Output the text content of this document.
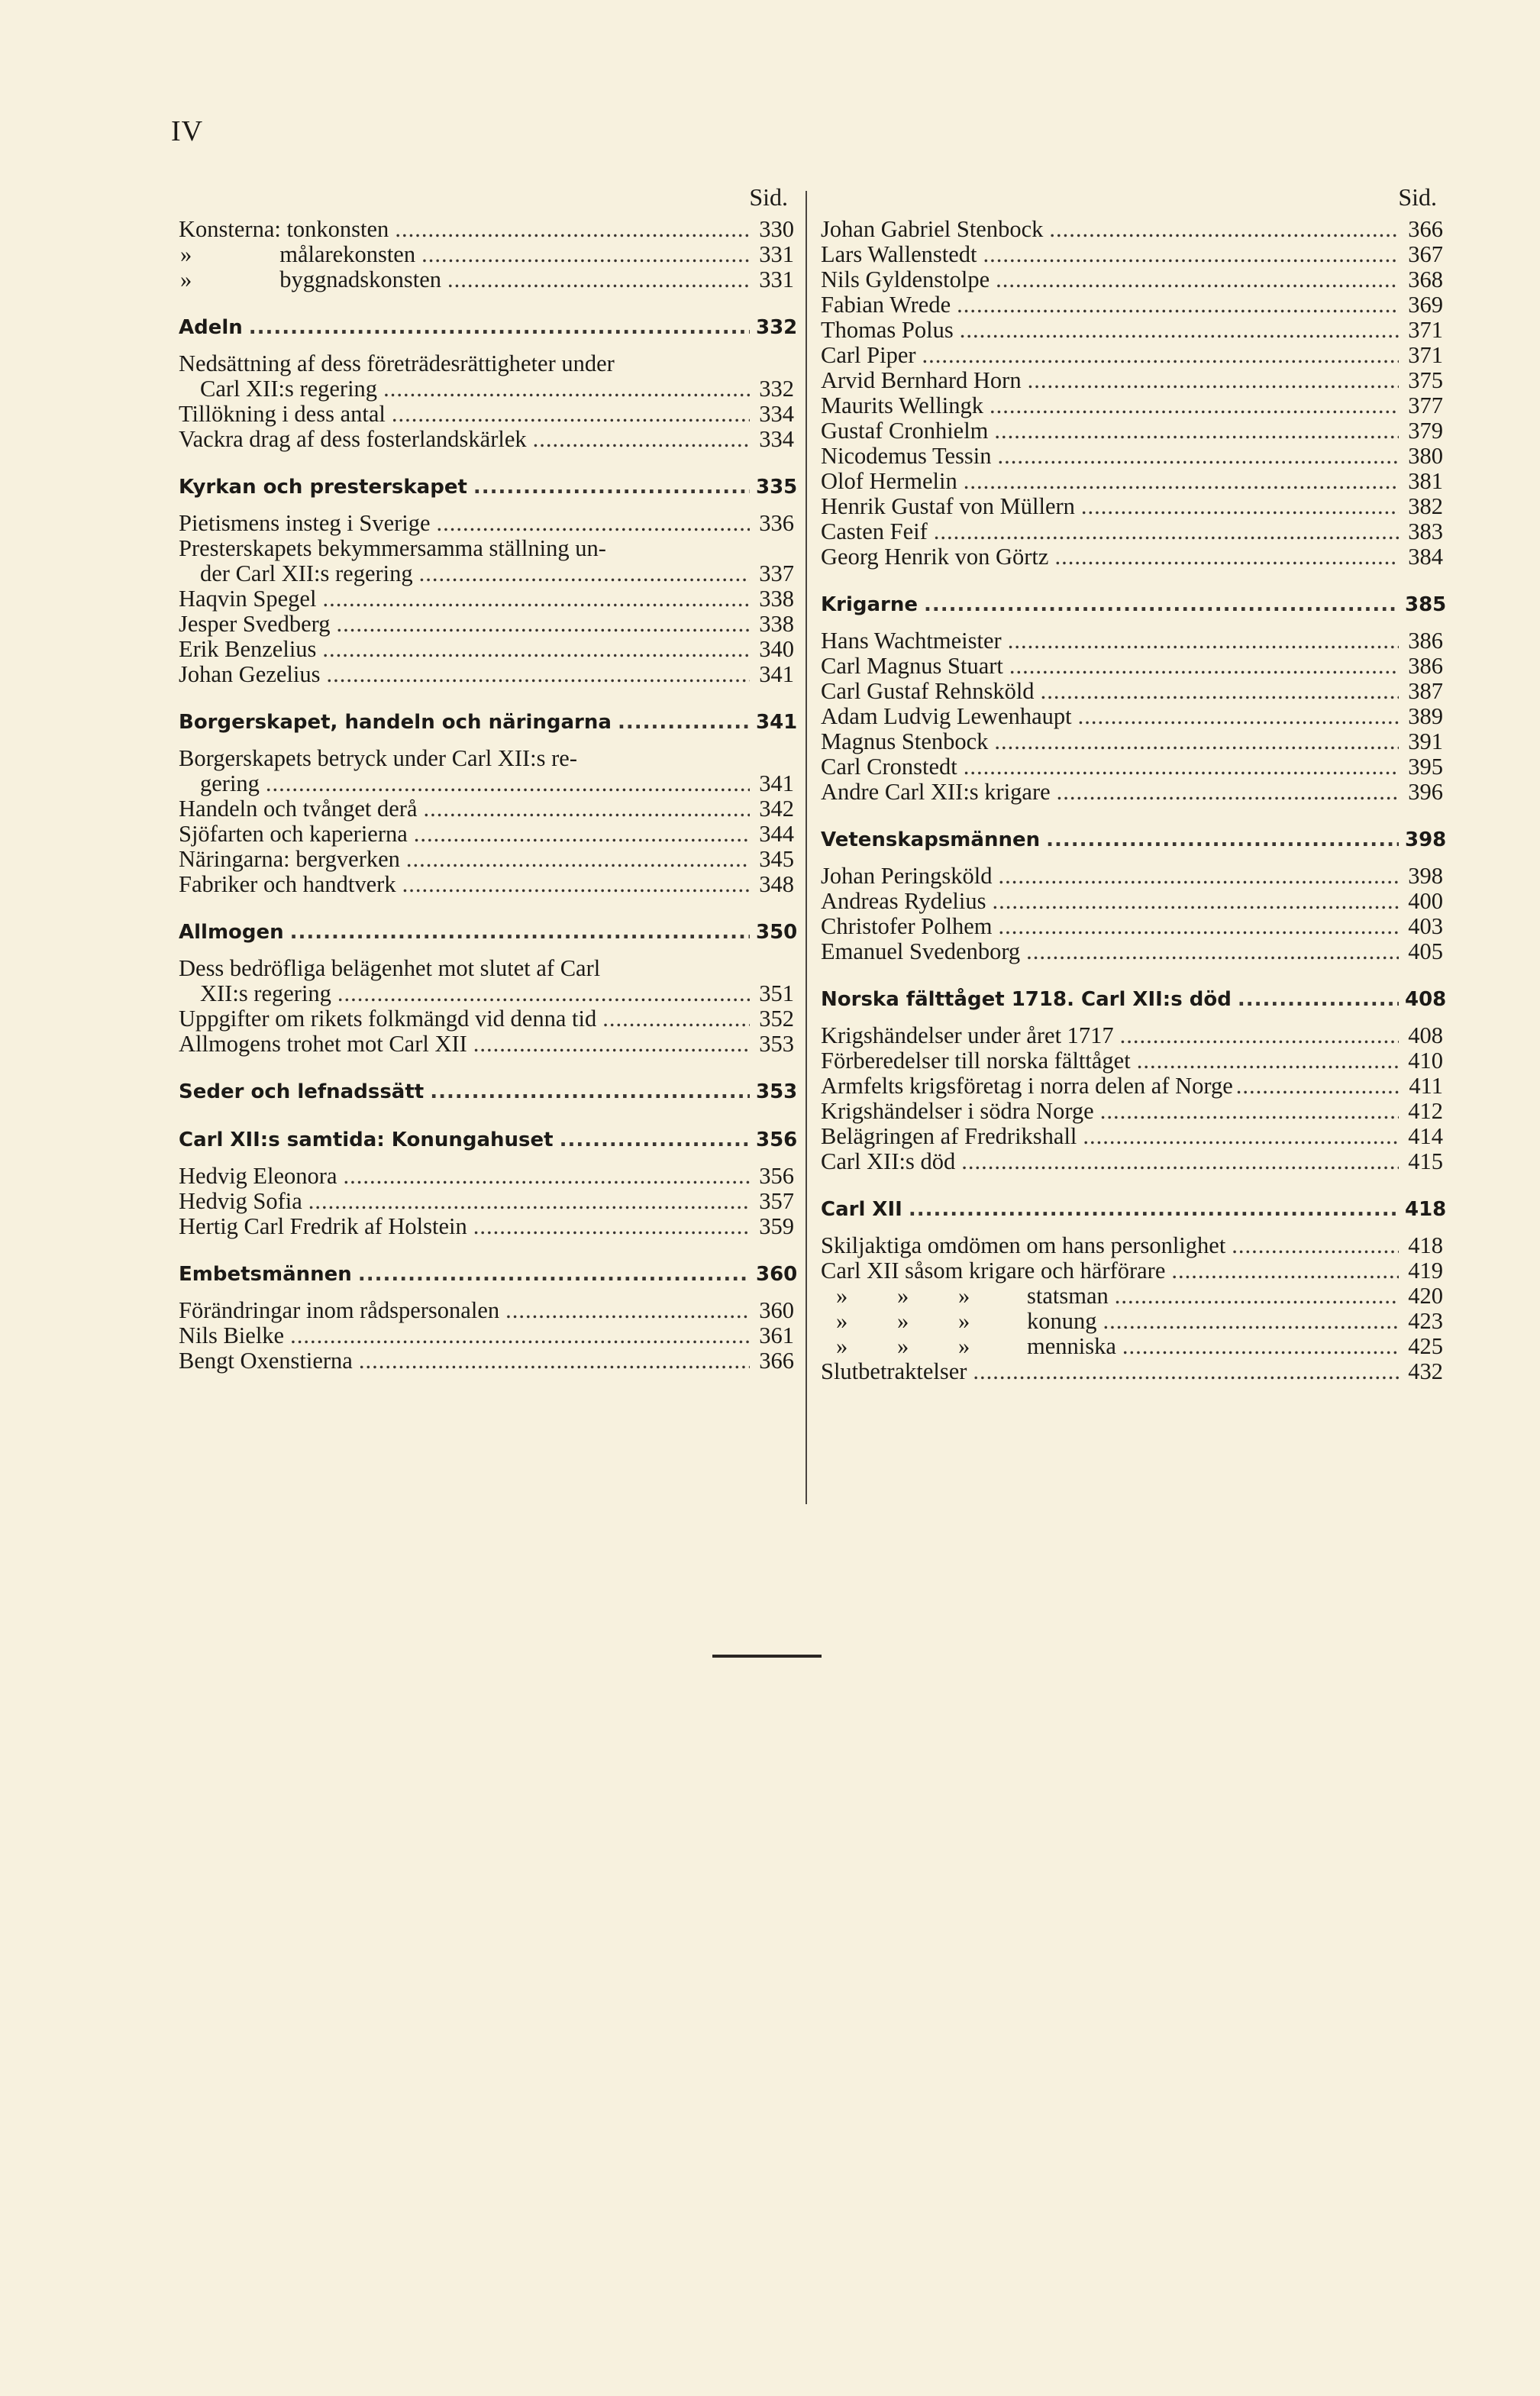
IV
Sid.
Konsterna: tonkonsten .....	330
»	målarekonsten .....	331
»	byggnadskonsten .....	331
Adeln .....	332
Nedsättning af dess företrädesrättigheter under
Carl XII:s regering .....	332
Tillökning i dess antal .....	334
Vackra drag af dess fosterlandskärlek .....	334
Kyrkan och presterskapet .....	335
Pietismens insteg i Sverige .....	336
Presterskapets bekymmersamma ställning un-
der Carl XII:s regering .....	337
Haqvin Spegel .....	338
Jesper Svedberg .....	338
Erik Benzelius .....	340
Johan Gezelius .....	341
Borgerskapet, handeln och näringarna .....	341
Borgerskapets betryck under Carl XII:s re-
gering .....	341
Handeln och tvånget derå .....	342
Sjöfarten och kaperierna .....	344
Näringarna: bergverken .....	345
Fabriker och handtverk .....	348
Allmogen .....	350
Dess bedröfliga belägenhet mot slutet af Carl
XII:s regering .....	351
Uppgifter om rikets folkmängd vid denna tid .....	352
Allmogens trohet mot Carl XII .....	353
Seder och lefnadssätt .....	353
Carl XII:s samtida: Konungahuset .....	356
Hedvig Eleonora .....	356
Hedvig Sofia .....	357
Hertig Carl Fredrik af Holstein .....	359
Embetsmännen .....	360
Förändringar inom rådspersonalen .....	360
Nils Bielke .....	361
Bengt Oxenstierna .....	366
Sid.
Johan Gabriel Stenbock .....	366
Lars Wallenstedt .....	367
Nils Gyldenstolpe .....	368
Fabian Wrede .....	369
Thomas Polus .....	371
Carl Piper .....	371
Arvid Bernhard Horn .....	375
Maurits Wellingk .....	377
Gustaf Cronhielm .....	379
Nicodemus Tessin .....	380
Olof Hermelin .....	381
Henrik Gustaf von Müllern .....	382
Casten Feif .....	383
Georg Henrik von Görtz .....	384
Krigarne .....	385
Hans Wachtmeister .....	386
Carl Magnus Stuart .....	386
Carl Gustaf Rehnsköld .....	387
Adam Ludvig Lewenhaupt .....	389
Magnus Stenbock .....	391
Carl Cronstedt .....	395
Andre Carl XII:s krigare .....	396
Vetenskapsmännen .....	398
Johan Peringsköld .....	398
Andreas Rydelius .....	400
Christofer Polhem .....	403
Emanuel Svedenborg .....	405
Norska fälttåget 1718. Carl XII:s död .....	408
Krigshändelser under året 1717 .....	408
Förberedelser till norska fälttåget .....	410
Armfelts krigsföretag i norra delen af Norge .....	411
Krigshändelser i södra Norge .....	412
Belägringen af Fredrikshall .....	414
Carl XII:s död .....	415
Carl XII .....	418
Skiljaktiga omdömen om hans personlighet .....	418
Carl XII såsom krigare och härförare .....	419
» » » statsman .....	420
» » » konung .....	423
» » » menniska .....	425
Slutbetraktelser .....	432
